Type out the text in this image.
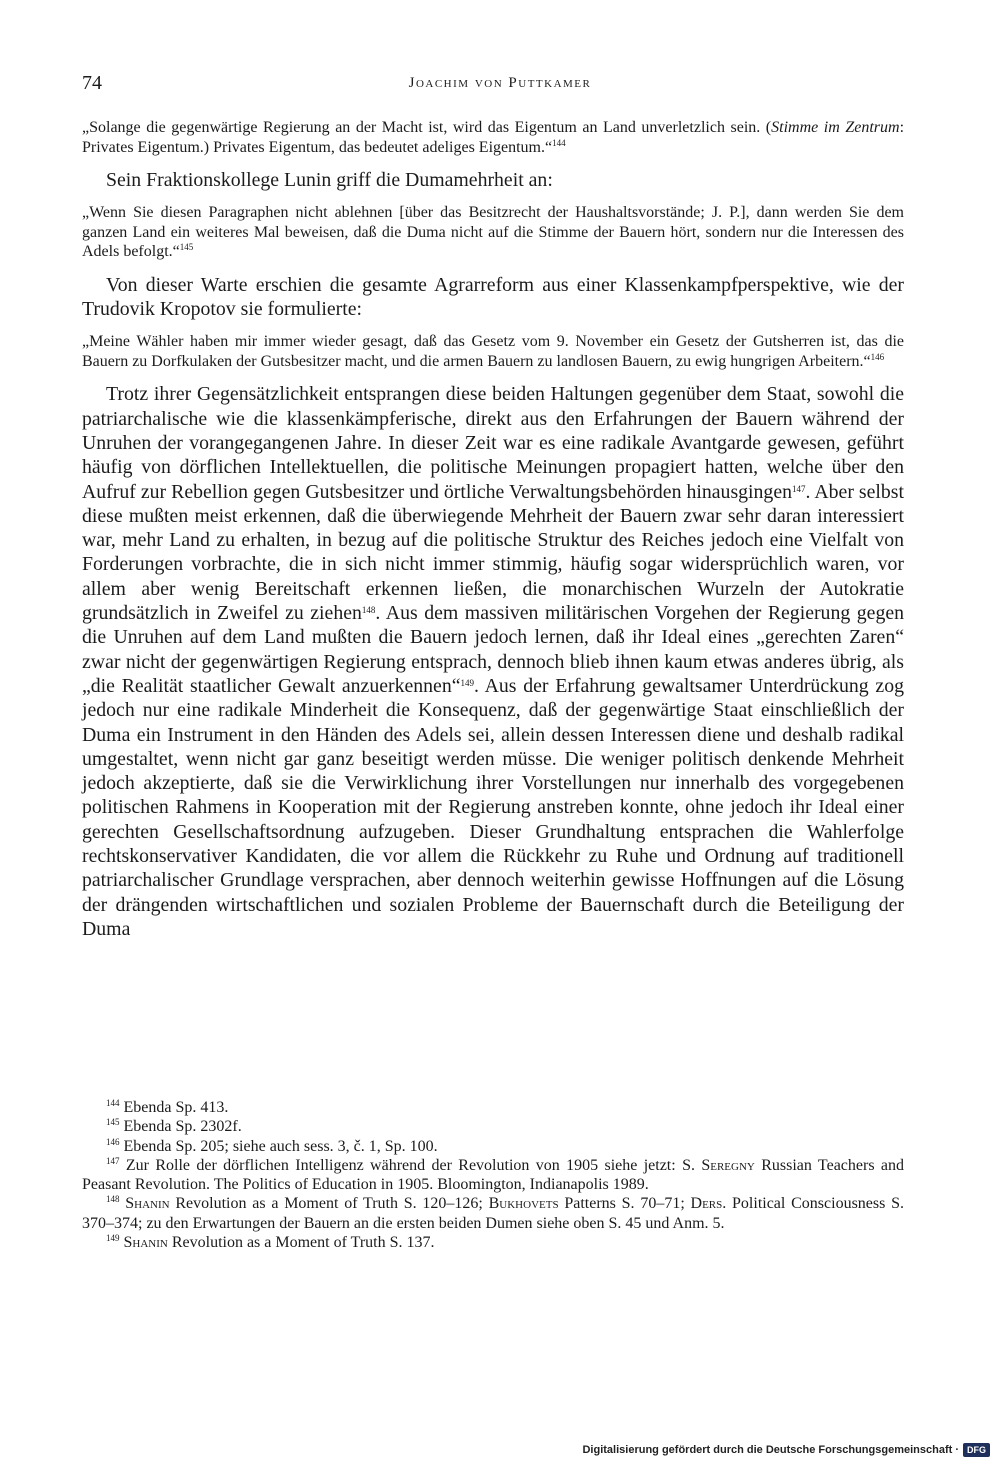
74	Joachim von Puttkamer

„Solange die gegenwärtige Regierung an der Macht ist, wird das Eigentum an Land unverletzlich sein. (Stimme im Zentrum: Privates Eigentum.) Privates Eigentum, das bedeutet adeliges Eigentum.“$^{144}$

Sein Fraktionskollege Lunin griff die Dumamehrheit an:

„Wenn Sie diesen Paragraphen nicht ablehnen [über das Besitzrecht der Haushaltsvorstände; J. P.], dann werden Sie dem ganzen Land ein weiteres Mal beweisen, daß die Duma nicht auf die Stimme der Bauern hört, sondern nur die Interessen des Adels befolgt.“$^{145}$

Von dieser Warte erschien die gesamte Agrarreform aus einer Klassenkampfperspektive, wie der Trudovik Kropotov sie formulierte:

„Meine Wähler haben mir immer wieder gesagt, daß das Gesetz vom 9. November ein Gesetz der Gutsherren ist, das die Bauern zu Dorfkulaken der Gutsbesitzer macht, und die armen Bauern zu landlosen Bauern, zu ewig hungrigen Arbeitern.“$^{146}$

Trotz ihrer Gegensätzlichkeit entsprangen diese beiden Haltungen gegenüber dem Staat, sowohl die patriarchalische wie die klassenkämpferische, direkt aus den Erfahrungen der Bauern während der Unruhen der vorangegangenen Jahre. In dieser Zeit war es eine radikale Avantgarde gewesen, geführt häufig von dörflichen Intellektuellen, die politische Meinungen propagiert hatten, welche über den Aufruf zur Rebellion gegen Gutsbesitzer und örtliche Verwaltungsbehörden hinausgingen$^{147}$. Aber selbst diese mußten meist erkennen, daß die überwiegende Mehrheit der Bauern zwar sehr daran interessiert war, mehr Land zu erhalten, in bezug auf die politische Struktur des Reiches jedoch eine Vielfalt von Forderungen vorbrachte, die in sich nicht immer stimmig, häufig sogar widersprüchlich waren, vor allem aber wenig Bereitschaft erkennen ließen, die monarchischen Wurzeln der Autokratie grundsätzlich in Zweifel zu ziehen$^{148}$. Aus dem massiven militärischen Vorgehen der Regierung gegen die Unruhen auf dem Land mußten die Bauern jedoch lernen, daß ihr Ideal eines „gerechten Zaren“ zwar nicht der gegenwärtigen Regierung entsprach, dennoch blieb ihnen kaum etwas anderes übrig, als „die Realität staatlicher Gewalt anzuerkennen“$^{149}$. Aus der Erfahrung gewaltsamer Unterdrückung zog jedoch nur eine radikale Minderheit die Konsequenz, daß der gegenwärtige Staat einschließlich der Duma ein Instrument in den Händen des Adels sei, allein dessen Interessen diene und deshalb radikal umgestaltet, wenn nicht gar ganz beseitigt werden müsse. Die weniger politisch denkende Mehrheit jedoch akzeptierte, daß sie die Verwirklichung ihrer Vorstellungen nur innerhalb des vorgegebenen politischen Rahmens in Kooperation mit der Regierung anstreben konnte, ohne jedoch ihr Ideal einer gerechten Gesellschaftsordnung aufzugeben. Dieser Grundhaltung entsprachen die Wahlerfolge rechtskonservativer Kandidaten, die vor allem die Rückkehr zu Ruhe und Ordnung auf traditionell patriarchalischer Grundlage versprachen, aber dennoch weiterhin gewisse Hoffnungen auf die Lösung der drängenden wirtschaftlichen und sozialen Probleme der Bauernschaft durch die Beteiligung der Duma

$^{144}$ Ebenda Sp. 413.

$^{145}$ Ebenda Sp. 2302f.

$^{146}$ Ebenda Sp. 205; siehe auch sess. 3, č. 1, Sp. 100.

$^{147}$ Zur Rolle der dörflichen Intelligenz während der Revolution von 1905 siehe jetzt: S. Seregny Russian Teachers and Peasant Revolution. The Politics of Education in 1905. Bloomington, Indianapolis 1989.

$^{148}$ Shanin Revolution as a Moment of Truth S. 120–126; Bukhovets Patterns S. 70–71; Ders. Political Consciousness S. 370–374; zu den Erwartungen der Bauern an die ersten beiden Dumen siehe oben S. 45 und Anm. 5.

$^{149}$ Shanin Revolution as a Moment of Truth S. 137.

Digitalisierung gefördert durch die Deutsche Forschungsgemeinschaft · DFG
